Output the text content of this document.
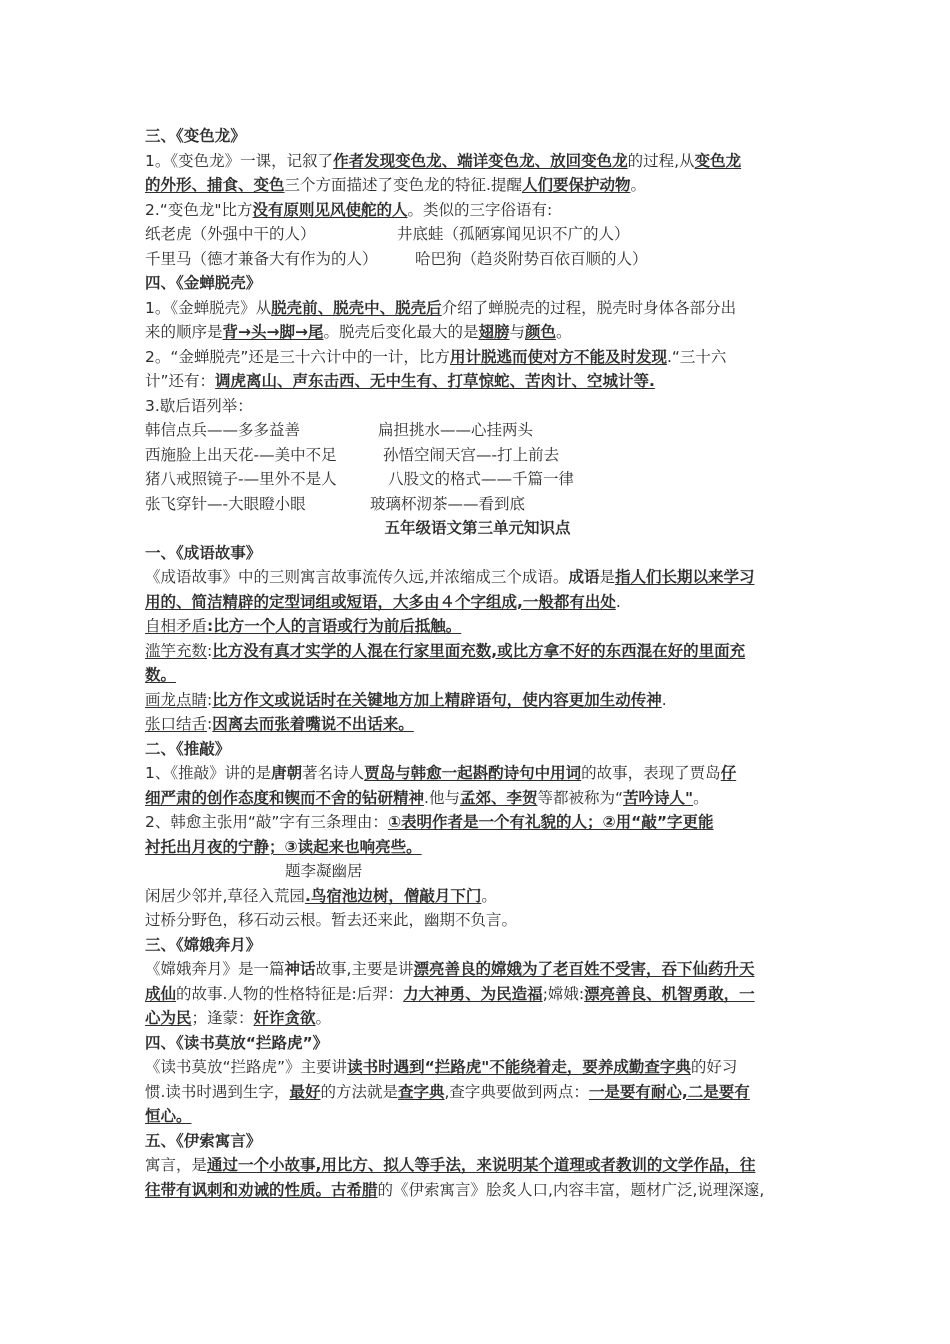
三、《变色龙》
1。《变色龙》一课，记叙了作者发现变色龙、端详变色龙、放回变色龙的过程,从变色龙
的外形、捕食、变色三个方面描述了变色龙的特征.提醒人们要保护动物。
2.“变色龙"比方没有原则见风使舵的人。类似的三字俗语有:
纸老虎（外强中干的人）	井底蛙（孤陋寡闻见识不广的人）
千里马（德才兼备大有作为的人）	哈巴狗（趋炎附势百依百顺的人）
四、《金蝉脱壳》
1。《金蝉脱壳》从脱壳前、脱壳中、脱壳后介绍了蝉脱壳的过程，脱壳时身体各部分出
来的顺序是背→头→脚→尾。脱壳后变化最大的是翅膀与颜色。
2。“金蝉脱壳”还是三十六计中的一计，比方用计脱逃而使对方不能及时发现.“三十六
计”还有：调虎离山、声东击西、无中生有、打草惊蛇、苦肉计、空城计等.
3.歇后语列举：
韩信点兵——多多益善	扁担挑水——心挂两头
西施脸上出天花-—美中不足	孙悟空闹天宫—-打上前去
猪八戒照镜子-—里外不是人	八股文的格式——千篇一律
张飞穿针—-大眼瞪小眼	玻璃杯沏茶——看到底
五年级语文第三单元知识点
一、《成语故事》
《成语故事》中的三则寓言故事流传久远,并浓缩成三个成语。成语是指人们长期以来学习
用的、简洁精辟的定型词组或短语，大多由４个字组成,一般都有出处.
自相矛盾:比方一个人的言语或行为前后抵触。
滥竽充数:比方没有真才实学的人混在行家里面充数,或比方拿不好的东西混在好的里面充
数。
画龙点睛:比方作文或说话时在关键地方加上精辟语句，使内容更加生动传神.
张口结舌:因离去而张着嘴说不出话来。
二、《推敲》
1、《推敲》讲的是唐朝著名诗人贾岛与韩愈一起斟酌诗句中用词的故事，表现了贾岛仔
细严肃的创作态度和锲而不舍的钻研精神.他与孟郊、李贺等都被称为“苦吟诗人"。
2、韩愈主张用“敲”字有三条理由：①表明作者是一个有礼貌的人；②用“敲”字更能
衬托出月夜的宁静；③读起来也响亮些。
题李凝幽居
闲居少邻并,草径入荒园.鸟宿池边树，僧敲月下门。
过桥分野色，移石动云根。暂去还来此，幽期不负言。
三、《嫦娥奔月》
《嫦娥奔月》是一篇神话故事,主要是讲漂亮善良的嫦娥为了老百姓不受害，吞下仙药升天
成仙的故事.人物的性格特征是:后羿：力大神勇、为民造福;嫦娥:漂亮善良、机智勇敢，一
心为民；逢蒙：奸诈贪欲。
四、《读书莫放“拦路虎”》
《读书莫放“拦路虎”》主要讲读书时遇到“拦路虎"不能绕着走，要养成勤查字典的好习
惯.读书时遇到生字，最好的方法就是查字典,查字典要做到两点：一是要有耐心,二是要有
恒心。
五、《伊索寓言》
寓言，是通过一个小故事,用比方、拟人等手法，来说明某个道理或者教训的文学作品，往
往带有讽刺和劝诫的性质。古希腊的《伊索寓言》脍炙人口,内容丰富，题材广泛,说理深邃,
